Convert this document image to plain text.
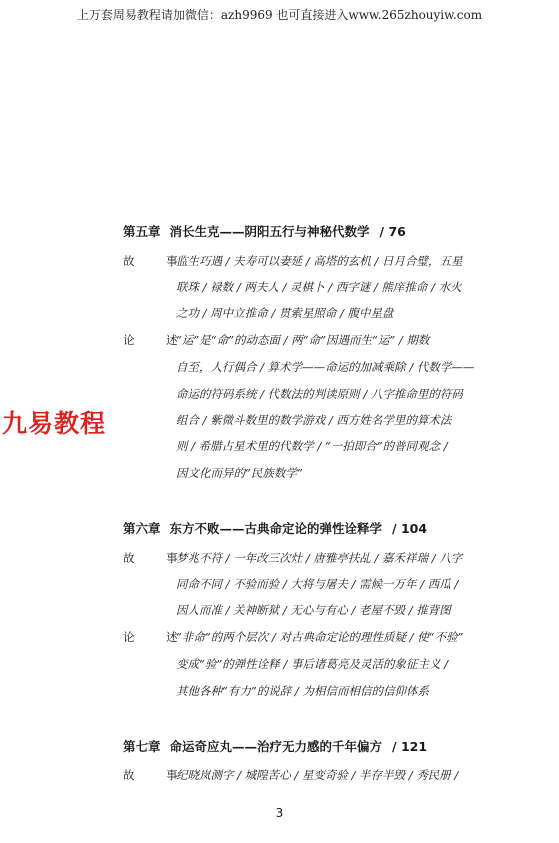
上万套周易教程请加微信：azh9969 也可直接进入www.265zhouyiw.com
九易教程
第五章 消长生克——阴阳五行与神秘代数学 / 76
故 事
监生巧遇 / 夫寿可以妻延 / 高塔的玄机 / 日月合璧，五星
联珠 / 禄数 / 两夫人 / 灵棋卜 / 西字谜 / 熊庠推命 / 水火
之功 / 周中立推命 / 贯索星照命 / 腹中星盘
论 述
“运”是“命”的动态面 / 两“命”因遇而生“运” / 期数
自至，人行偶合 / 算术学——命运的加减乘除 / 代数学——
命运的符码系统 / 代数法的判读原则 / 八字推命里的符码
组合 / 紫微斗数里的数学游戏 / 西方姓名学里的算术法
则 / 希腊占星术里的代数学 / “一拍即合”的普同观念 /
因文化而异的“民族数学”
第六章 东方不败——古典命定论的弹性诠释学 / 104
故 事
梦兆不符 / 一年改三次灶 / 唐雅亭扶乩 / 嘉禾祥瑞 / 八字
同命不同 / 不验而验 / 大将与屠夫 / 需候一万年 / 西瓜 /
因人而准 / 关神断狱 / 无心与有心 / 老屋不毁 / 推背图
论 述
“非命”的两个层次 / 对古典命定论的理性质疑 / 使“不验”
变成“验”的弹性诠释 / 事后诸葛亮及灵活的象征主义 /
其他各种“有力”的说辞 / 为相信而相信的信仰体系
第七章 命运奇应丸——治疗无力感的千年偏方 / 121
故 事
纪晓岚测字 / 城隍苦心 / 星变奇验 / 半存半毁 / 秀民册 /
3
